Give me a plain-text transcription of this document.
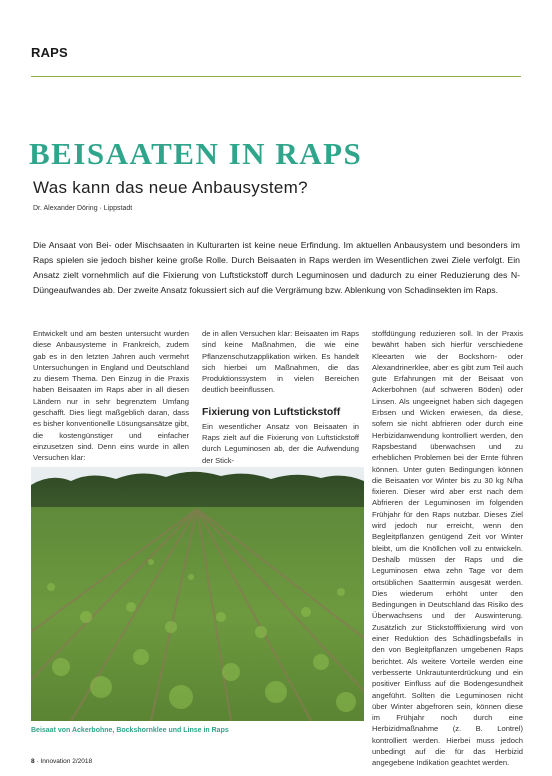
RAPS
BEISAATEN IN RAPS
Was kann das neue Anbausystem?
Dr. Alexander Döring · Lippstadt
Die Ansaat von Bei- oder Mischsaaten in Kulturarten ist keine neue Erfindung. Im aktuellen Anbausystem und besonders im Raps spielen sie jedoch bisher keine große Rolle. Durch Beisaaten in Raps werden im Wesentlichen zwei Ziele verfolgt. Ein Ansatz zielt vornehmlich auf die Fixierung von Luftstickstoff durch Leguminosen und dadurch zu einer Reduzierung des N-Düngeaufwandes ab. Der zweite Ansatz fokussiert sich auf die Vergrämung bzw. Ablenkung von Schadinsekten im Raps.

Entwickelt und am besten untersucht wurden diese Anbausysteme in Frankreich, zudem gab es in den letzten Jahren auch vermehrt Untersuchungen in England und Deutschland zu diesem Thema. Den Einzug in die Praxis haben Beisaaten im Raps aber in all diesen Ländern nur in sehr begrenztem Umfang geschafft. Dies liegt maßgeblich daran, dass es bisher konventionelle Lösungsansätze gibt, die kostengünstiger und einfacher einzusetzen sind. Denn eins wurde in allen Versuchen klar:

de in allen Versuchen klar: Beisaaten im Raps sind keine Maßnahmen, die wie eine Pflanzenschutzapplikation wirken. Es handelt sich hierbei um Maßnahmen, die das Produktionssystem in vielen Bereichen deutlich beeinflussen.

Fixierung von Luftstickstoff

Ein wesentlicher Ansatz von Beisaaten in Raps zielt auf die Fixierung von Luftstickstoff durch Leguminosen ab, der die Aufwendung der Stick-

stoffdüngung reduzieren soll. In der Praxis bewährt haben sich hierfür verschiedene Kleearten wie der Bockshorn- oder Alexandrinerklee, aber es gibt zum Teil auch gute Erfahrungen mit der Beisaat von Ackerbohnen (auf schweren Böden) oder Linsen. Als ungeeignet haben sich dagegen Erbsen und Wicken erwiesen, da diese, sofern sie nicht abfrieren oder durch eine Herbizidanwendung kontrolliert werden, den Rapsbestand überwachsen und zu erheblichen Problemen bei der Ernte führen können. Unter guten Bedingungen können die Beisaaten vor Winter bis zu 30 kg N/ha fixieren. Dieser wird aber erst nach dem Abfrieren der Leguminosen im folgenden Frühjahr für den Raps nutzbar. Dieses Ziel wird jedoch nur erreicht, wenn den Begleitpflanzen genügend Zeit vor Winter bleibt, um die Knöllchen voll zu entwickeln. Deshalb müssen der Raps und die Leguminosen etwa zehn Tage vor dem ortsüblichen Saattermin ausgesät werden. Dies wiederum erhöht unter den Bedingungen in Deutschland das Risiko des Überwachsens und der Auswinterung. Zusätzlich zur Stickstofffixierung wird von einer Reduktion des Schädlingsbefalls in den von Begleitpflanzen umgebenen Raps berichtet. Als weitere Vorteile werden eine verbesserte Unkrautunterdrückung und ein positiver Einfluss auf die Bodengesundheit angeführt. Sollten die Leguminosen nicht über Winter abgefroren sein, können diese im Frühjahr noch durch eine Herbizidmaßnahme (z. B. Lontrel) kontrolliert werden. Hierbei muss jedoch unbedingt auf die für das Herbizid angegebene Indikation geachtet werden.

Beisaat von Ackerbohne, Bockshornklee und Linse in Raps
8 · Innovation 2/2018
